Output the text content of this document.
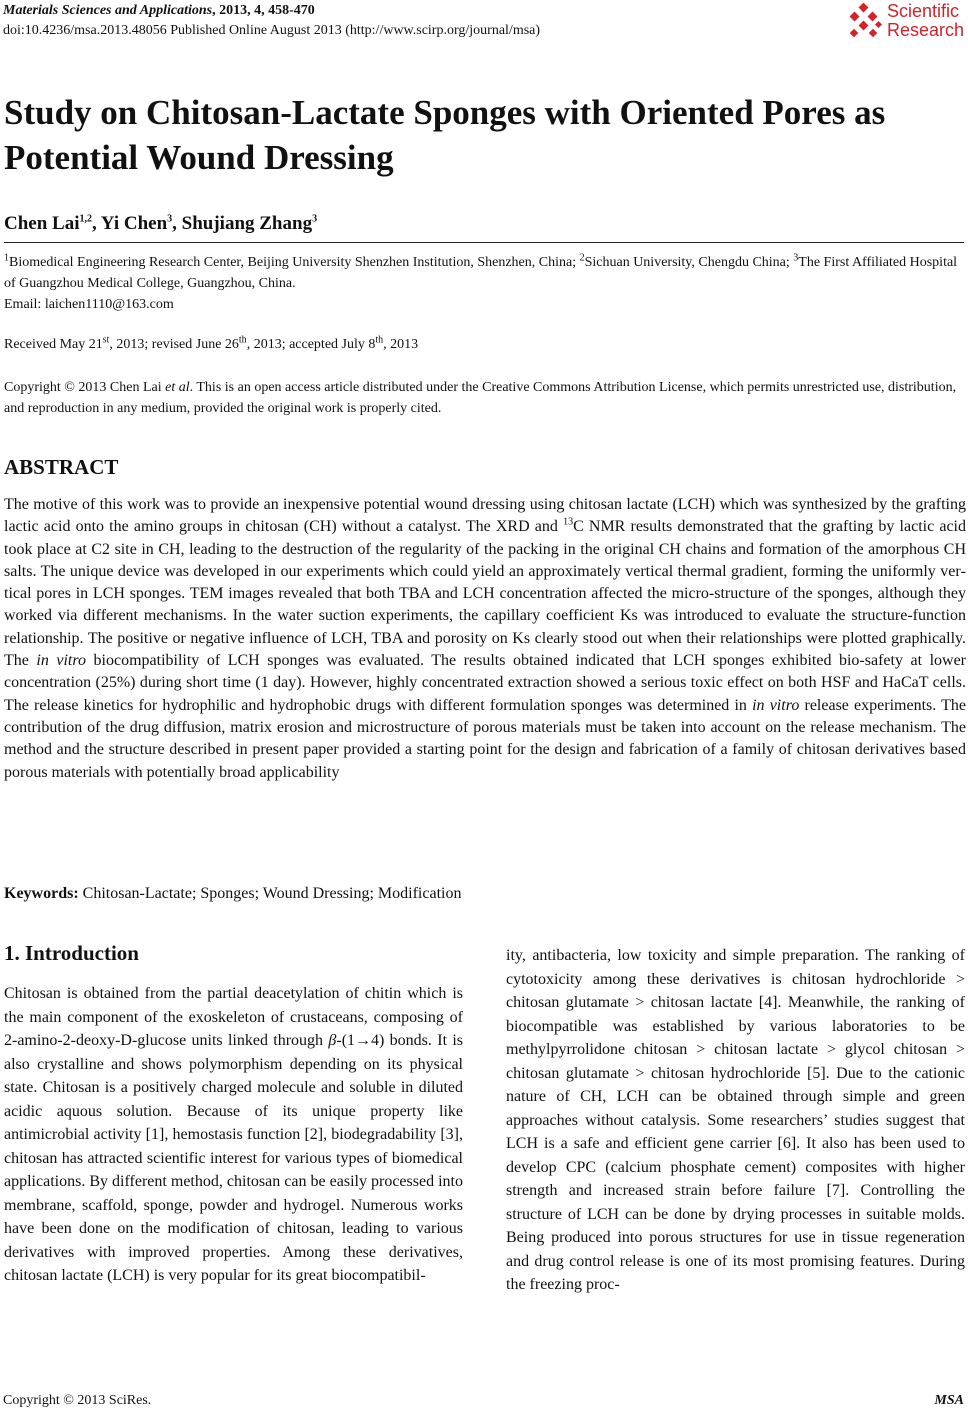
Materials Sciences and Applications, 2013, 4, 458-470
doi:10.4236/msa.2013.48056 Published Online August 2013 (http://www.scirp.org/journal/msa)
Scientific
Research
Study on Chitosan-Lactate Sponges with Oriented Pores as Potential Wound Dressing
Chen Lai$^{1,2}$, Yi Chen$^3$, Shujiang Zhang$^3$
$^1$Biomedical Engineering Research Center, Beijing University Shenzhen Institution, Shenzhen, China; $^2$Sichuan University, Chengdu China; $^3$The First Affiliated Hospital of Guangzhou Medical College, Guangzhou, China.
Email: laichen1110@163.com
Received May 21st, 2013; revised June 26th, 2013; accepted July 8th, 2013
Copyright © 2013 Chen Lai et al. This is an open access article distributed under the Creative Commons Attribution License, which permits unrestricted use, distribution, and reproduction in any medium, provided the original work is properly cited.
ABSTRACT

The motive of this work was to provide an inexpensive potential wound dressing using chitosan lactate (LCH) which was synthesized by the grafting lactic acid onto the amino groups in chitosan (CH) without a catalyst. The XRD and $^{13}$C NMR results demonstrated that the grafting by lactic acid took place at C2 site in CH, leading to the destruction of the regularity of the packing in the original CH chains and formation of the amorphous CH salts. The unique device was developed in our experiments which could yield an approximately vertical thermal gradient, forming the uniformly vertical pores in LCH sponges. TEM images revealed that both TBA and LCH concentration affected the micro-structure of the sponges, although they worked via different mechanisms. In the water suction experiments, the capillary coefficient Ks was introduced to evaluate the structure-function relationship. The positive or negative influence of LCH, TBA and porosity on Ks clearly stood out when their relationships were plotted graphically. The in vitro biocompatibility of LCH sponges was evaluated. The results obtained indicated that LCH sponges exhibited bio-safety at lower concentration (25%) during short time (1 day). However, highly concentrated extraction showed a serious toxic effect on both HSF and HaCaT cells. The release kinetics for hydrophilic and hydrophobic drugs with different formulation sponges was determined in in vitro release experiments. The contribution of the drug diffusion, matrix erosion and microstructure of porous materials must be taken into account on the release mechanism. The method and the structure described in present paper provided a starting point for the design and fabrication of a family of chitosan derivatives based porous materials with potentially broad applicability

Keywords: Chitosan-Lactate; Sponges; Wound Dressing; Modification
1. Introduction

Chitosan is obtained from the partial deacetylation of chitin which is the main component of the exoskeleton of crustaceans, composing of 2-amino-2-deoxy-D-glucose units linked through β-(1→4) bonds. It is also crystalline and shows polymorphism depending on its physical state. Chitosan is a positively charged molecule and soluble in diluted acidic aquous solution. Because of its unique property like antimicrobial activity [1], hemostasis function [2], biodegradability [3], chitosan has attracted scientific interest for various types of biomedical applications. By different method, chitosan can be easily processed into membrane, scaffold, sponge, powder and hydrogel. Numerous works have been done on the modification of chitosan, leading to various derivatives with improved properties. Among these derivatives, chitosan lactate (LCH) is very popular for its great biocompatibil-

ity, antibacteria, low toxicity and simple preparation. The ranking of cytotoxicity among these derivatives is chitosan hydrochloride > chitosan glutamate > chitosan lactate [4]. Meanwhile, the ranking of biocompatible was established by various laboratories to be methylpyrrolidone chitosan > chitosan lactate > glycol chitosan > chitosan glutamate > chitosan hydrochloride [5]. Due to the cationic nature of CH, LCH can be obtained through simple and green approaches without catalysis. Some researchers’ studies suggest that LCH is a safe and efficient gene carrier [6]. It also has been used to develop CPC (calcium phosphate cement) composites with higher strength and increased strain before failure [7]. Controlling the structure of LCH can be done by drying processes in suitable molds. Being produced into porous structures for use in tissue regeneration and drug control release is one of its most promising features. During the freezing proc-

Copyright © 2013 SciRes.	MSA
